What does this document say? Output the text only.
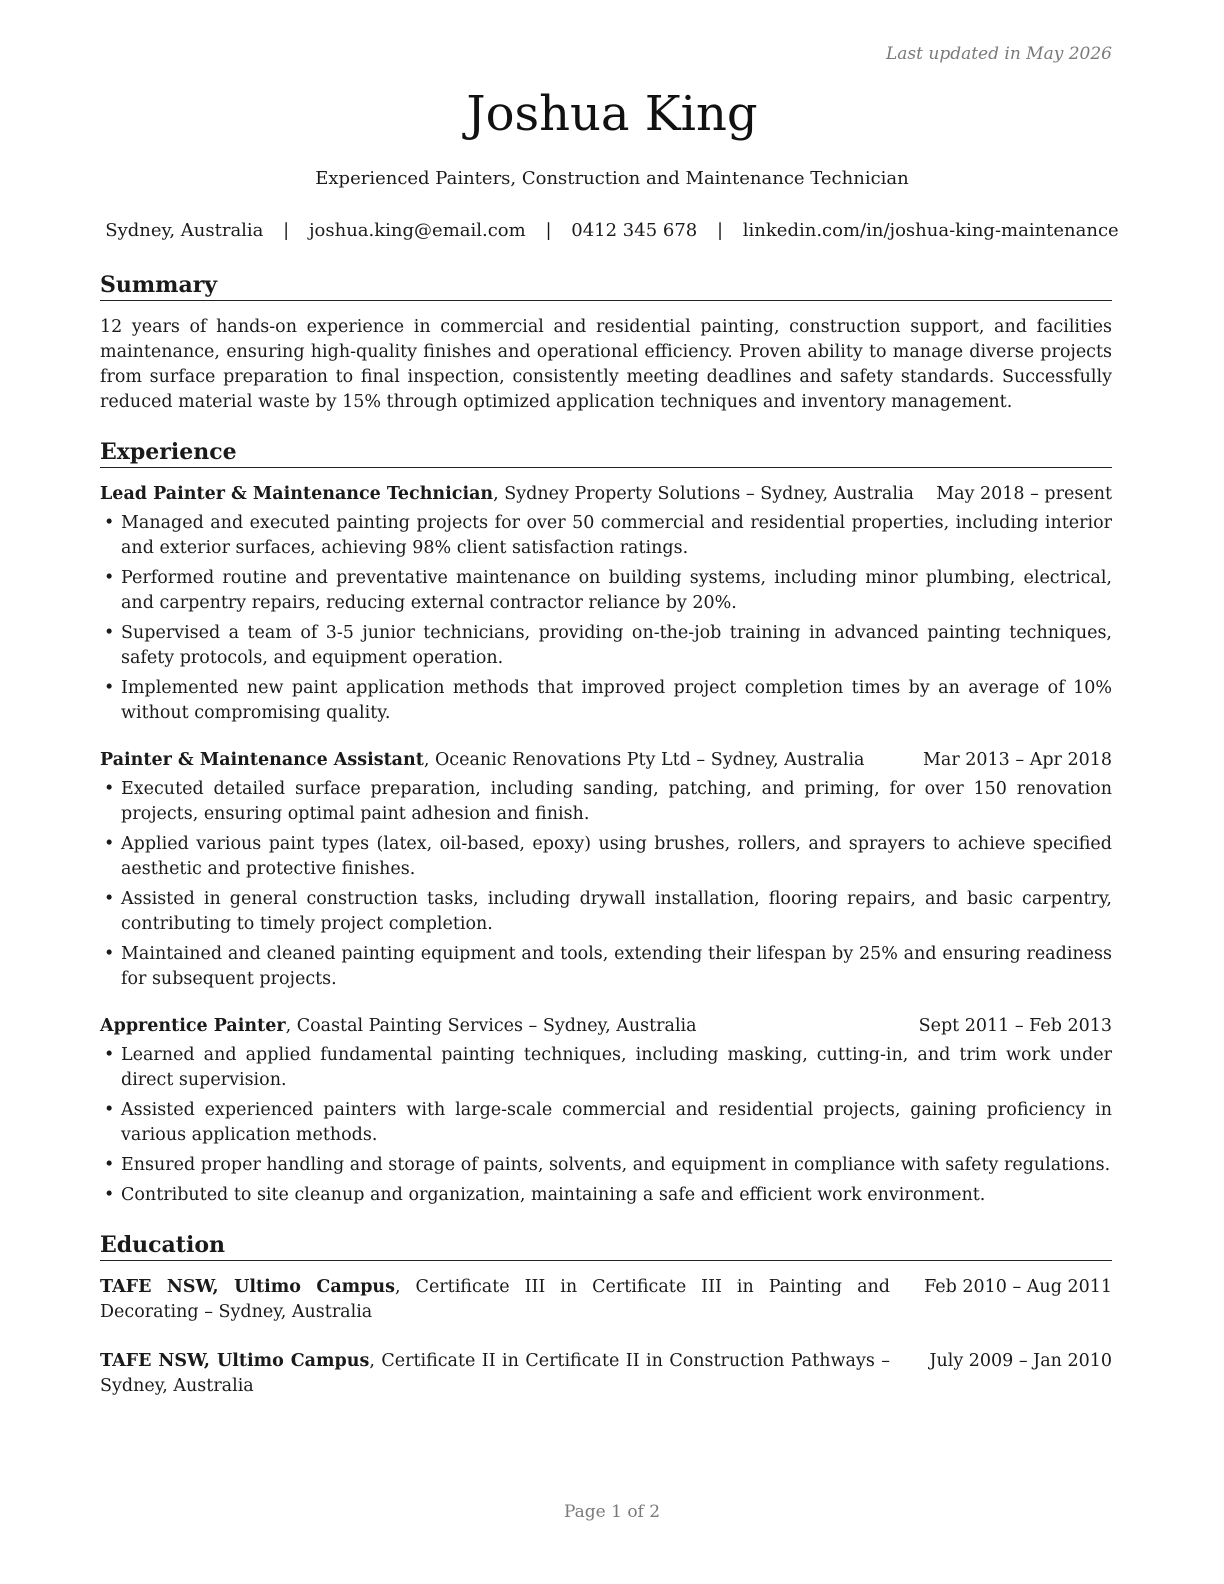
Last updated in May 2026
Joshua King
Experienced Painters, Construction and Maintenance Technician
Sydney, Australia | joshua.king@email.com | 0412 345 678 | linkedin.com/in/joshua-king-maintenance
Summary
12 years of hands-on experience in commercial and residential painting, construction support, and facilities maintenance, ensuring high-quality finishes and operational efficiency. Proven ability to manage diverse projects from surface preparation to final inspection, consistently meeting deadlines and safety standards. Successfully reduced material waste by 15% through optimized application techniques and inventory management.
Experience
Lead Painter & Maintenance Technician, Sydney Property Solutions – Sydney, Australia May 2018 – present
• Managed and executed painting projects for over 50 commercial and residential properties, including interior and exterior surfaces, achieving 98% client satisfaction ratings.
• Performed routine and preventative maintenance on building systems, including minor plumbing, electrical, and carpentry repairs, reducing external contractor reliance by 20%.
• Supervised a team of 3-5 junior technicians, providing on-the-job training in advanced painting techniques, safety protocols, and equipment operation.
• Implemented new paint application methods that improved project completion times by an average of 10% without compromising quality.
Painter & Maintenance Assistant, Oceanic Renovations Pty Ltd – Sydney, Australia	Mar 2013 – Apr 2018
• Executed detailed surface preparation, including sanding, patching, and priming, for over 150 renovation projects, ensuring optimal paint adhesion and finish.
• Applied various paint types (latex, oil-based, epoxy) using brushes, rollers, and sprayers to achieve specified aesthetic and protective finishes.
• Assisted in general construction tasks, including drywall installation, flooring repairs, and basic carpentry, contributing to timely project completion.
• Maintained and cleaned painting equipment and tools, extending their lifespan by 25% and ensuring readiness for subsequent projects.
Apprentice Painter, Coastal Painting Services – Sydney, Australia	Sept 2011 – Feb 2013
• Learned and applied fundamental painting techniques, including masking, cutting-in, and trim work under direct supervision.
• Assisted experienced painters with large-scale commercial and residential projects, gaining proficiency in various application methods.
• Ensured proper handling and storage of paints, solvents, and equipment in compliance with safety regulations.
• Contributed to site cleanup and organization, maintaining a safe and efficient work environment.
Education
TAFE NSW, Ultimo Campus, Certificate III in Certificate III in Painting and Decorating – Sydney, Australia
Feb 2010 – Aug 2011
TAFE NSW, Ultimo Campus, Certificate II in Certificate II in Construction Pathways – Sydney, Australia
July 2009 – Jan 2010
Page 1 of 2
